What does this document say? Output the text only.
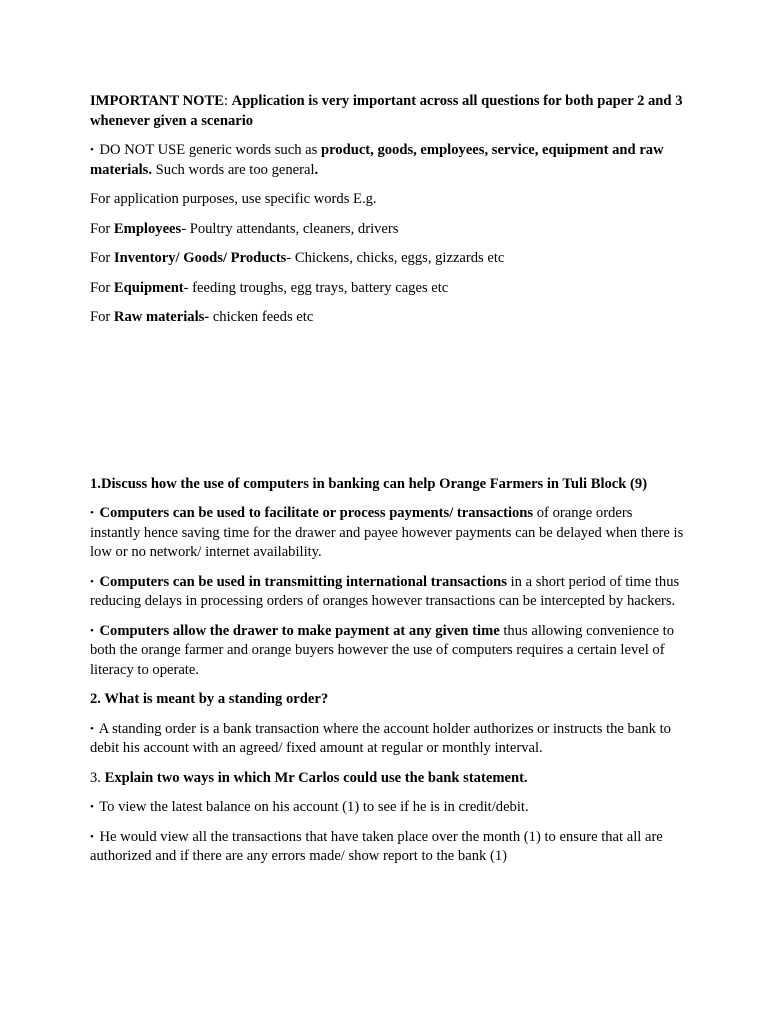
IMPORTANT NOTE: Application is very important across all questions for both paper 2 and 3 whenever given a scenario

• DO NOT USE generic words such as product, goods, employees, service, equipment and raw materials. Such words are too general.

For application purposes, use specific words E.g.

For Employees- Poultry attendants, cleaners, drivers

For Inventory/ Goods/ Products- Chickens, chicks, eggs, gizzards etc

For Equipment- feeding troughs, egg trays, battery cages etc

For Raw materials- chicken feeds etc

1.Discuss how the use of computers in banking can help Orange Farmers in Tuli Block (9)

• Computers can be used to facilitate or process payments/ transactions of orange orders instantly hence saving time for the drawer and payee however payments can be delayed when there is low or no network/ internet availability.

• Computers can be used in transmitting international transactions in a short period of time thus reducing delays in processing orders of oranges however transactions can be intercepted by hackers.

• Computers allow the drawer to make payment at any given time thus allowing convenience to both the orange farmer and orange buyers however the use of computers requires a certain level of literacy to operate.

2. What is meant by a standing order?

• A standing order is a bank transaction where the account holder authorizes or instructs the bank to debit his account with an agreed/ fixed amount at regular or monthly interval.

3. Explain two ways in which Mr Carlos could use the bank statement.

• To view the latest balance on his account (1) to see if he is in credit/debit.

• He would view all the transactions that have taken place over the month (1) to ensure that all are authorized and if there are any errors made/ show report to the bank (1)
